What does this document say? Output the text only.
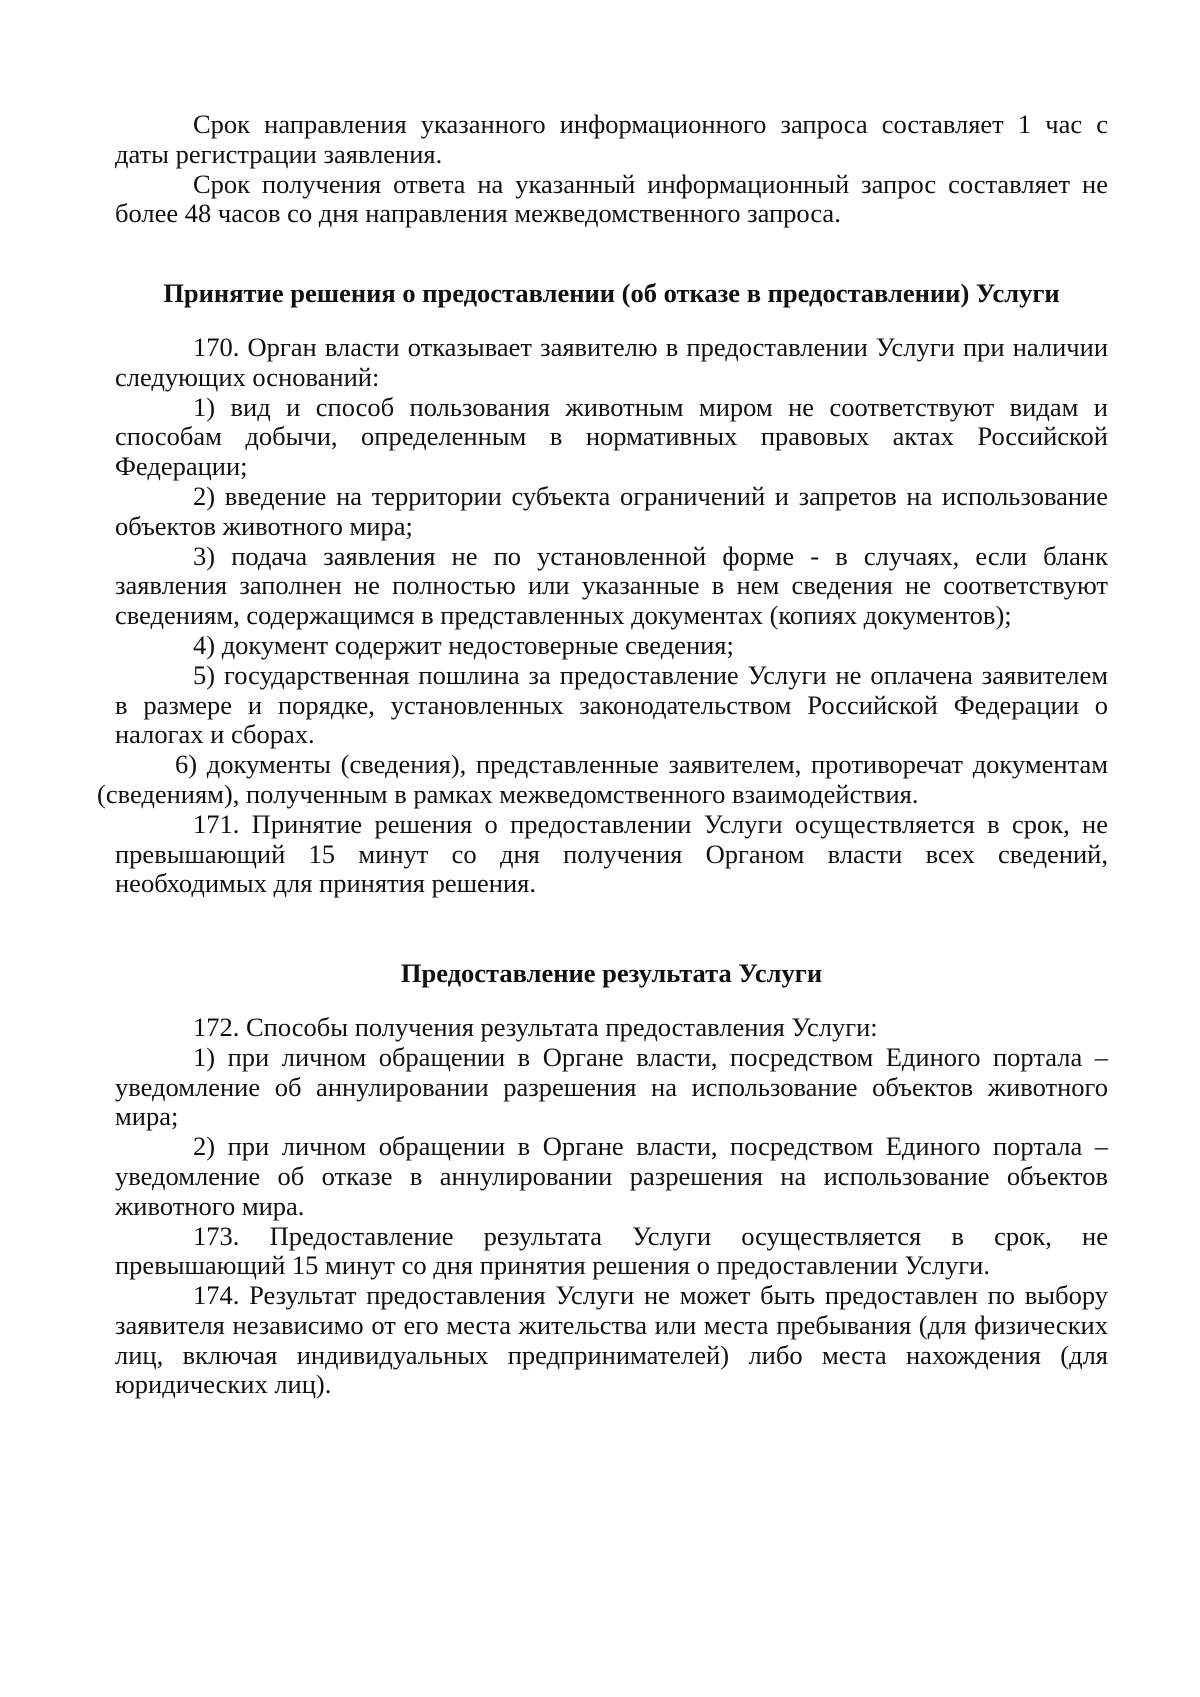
Срок направления указанного информационного запроса составляет 1 час с даты регистрации заявления.

Срок получения ответа на указанный информационный запрос составляет не более 48 часов со дня направления межведомственного запроса.

Принятие решения о предоставлении (об отказе в предоставлении) Услуги

170. Орган власти отказывает заявителю в предоставлении Услуги при наличии следующих оснований:

1) вид и способ пользования животным миром не соответствуют видам и способам добычи, определенным в нормативных правовых актах Российской Федерации;

2) введение на территории субъекта ограничений и запретов на использование объектов животного мира;

3) подача заявления не по установленной форме - в случаях, если бланк заявления заполнен не полностью или указанные в нем сведения не соответствуют сведениям, содержащимся в представленных документах (копиях документов);

4) документ содержит недостоверные сведения;

5) государственная пошлина за предоставление Услуги не оплачена заявителем в размере и порядке, установленных законодательством Российской Федерации о налогах и сборах.

6) документы (сведения), представленные заявителем, противоречат документам (сведениям), полученным в рамках межведомственного взаимодействия.

171. Принятие решения о предоставлении Услуги осуществляется в срок, не превышающий 15 минут со дня получения Органом власти всех сведений, необходимых для принятия решения.

Предоставление результата Услуги

172. Способы получения результата предоставления Услуги:

1) при личном обращении в Органе власти, посредством Единого портала – уведомление об аннулировании разрешения на использование объектов животного мира;

2) при личном обращении в Органе власти, посредством Единого портала – уведомление об отказе в аннулировании разрешения на использование объектов животного мира.

173. Предоставление результата Услуги осуществляется в срок, не превышающий 15 минут со дня принятия решения о предоставлении Услуги.

174. Результат предоставления Услуги не может быть предоставлен по выбору заявителя независимо от его места жительства или места пребывания (для физических лиц, включая индивидуальных предпринимателей) либо места нахождения (для юридических лиц).
